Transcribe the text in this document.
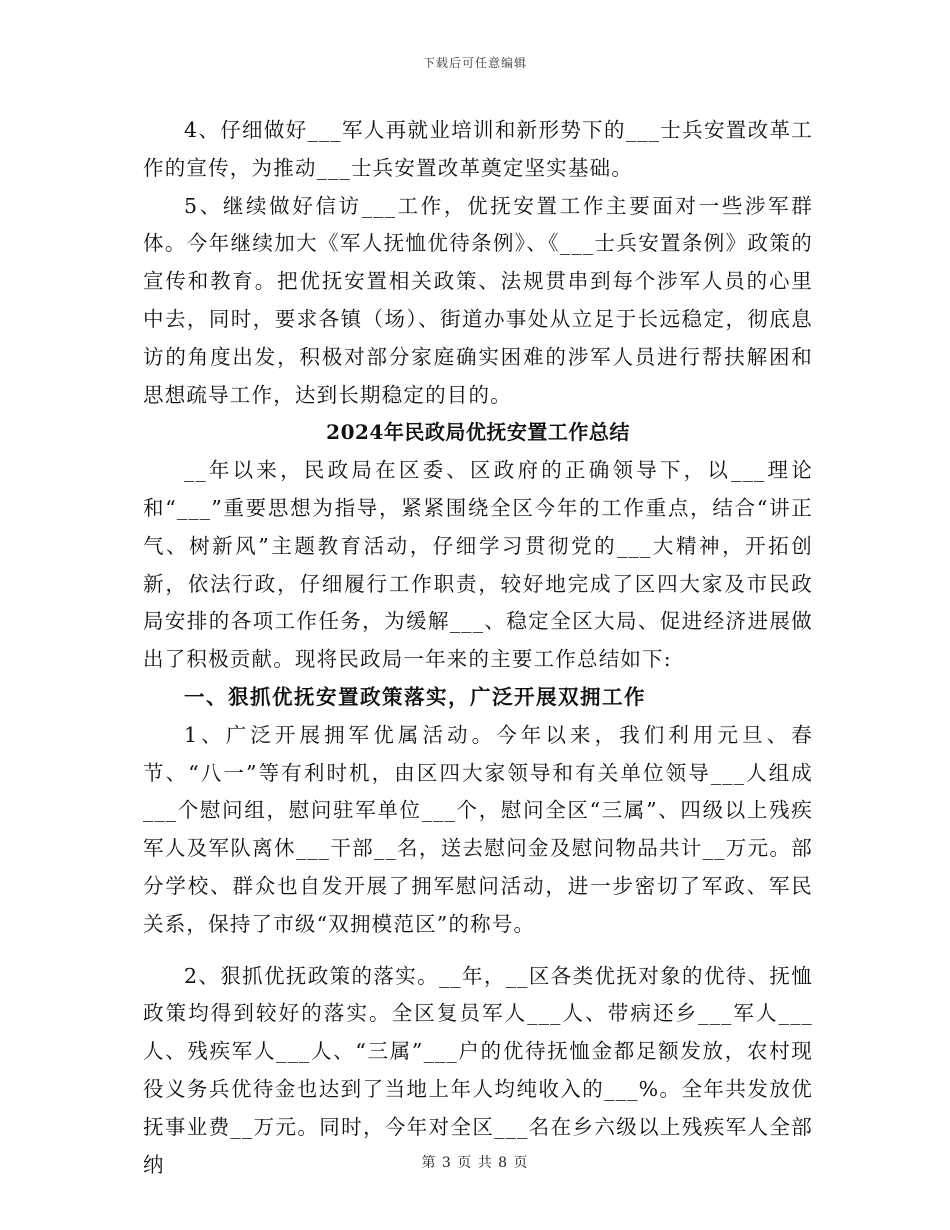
下载后可任意编辑

4、仔细做好___军人再就业培训和新形势下的___士兵安置改革工作的宣传，为推动___士兵安置改革奠定坚实基础。

5、继续做好信访___工作，优抚安置工作主要面对一些涉军群体。今年继续加大《军人抚恤优待条例》、《___士兵安置条例》政策的宣传和教育。把优抚安置相关政策、法规贯串到每个涉军人员的心里中去，同时，要求各镇（场）、街道办事处从立足于长远稳定，彻底息访的角度出发，积极对部分家庭确实困难的涉军人员进行帮扶解困和思想疏导工作，达到长期稳定的目的。

2024年民政局优抚安置工作总结

__年以来，民政局在区委、区政府的正确领导下，以___理论和“___”重要思想为指导，紧紧围绕全区今年的工作重点，结合“讲正气、树新风”主题教育活动，仔细学习贯彻党的___大精神，开拓创新，依法行政，仔细履行工作职责，较好地完成了区四大家及市民政局安排的各项工作任务，为缓解___、稳定全区大局、促进经济进展做出了积极贡献。现将民政局一年来的主要工作总结如下:

一、狠抓优抚安置政策落实，广泛开展双拥工作

1、广泛开展拥军优属活动。今年以来，我们利用元旦、春节、“八一”等有利时机，由区四大家领导和有关单位领导___人组成___个慰问组，慰问驻军单位___个，慰问全区“三属”、四级以上残疾军人及军队离休___干部__名，送去慰问金及慰问物品共计__万元。部分学校、群众也自发开展了拥军慰问活动，进一步密切了军政、军民关系，保持了市级“双拥模范区”的称号。

2、狠抓优抚政策的落实。__年，__区各类优抚对象的优待、抚恤政策均得到较好的落实。全区复员军人___人、带病还乡___军人___人、残疾军人___人、“三属”___户的优待抚恤金都足额发放，农村现役义务兵优待金也达到了当地上年人均纯收入的___%。全年共发放优抚事业费__万元。同时，今年对全区___名在乡六级以上残疾军人全部纳	第 3 页 共 8 页
